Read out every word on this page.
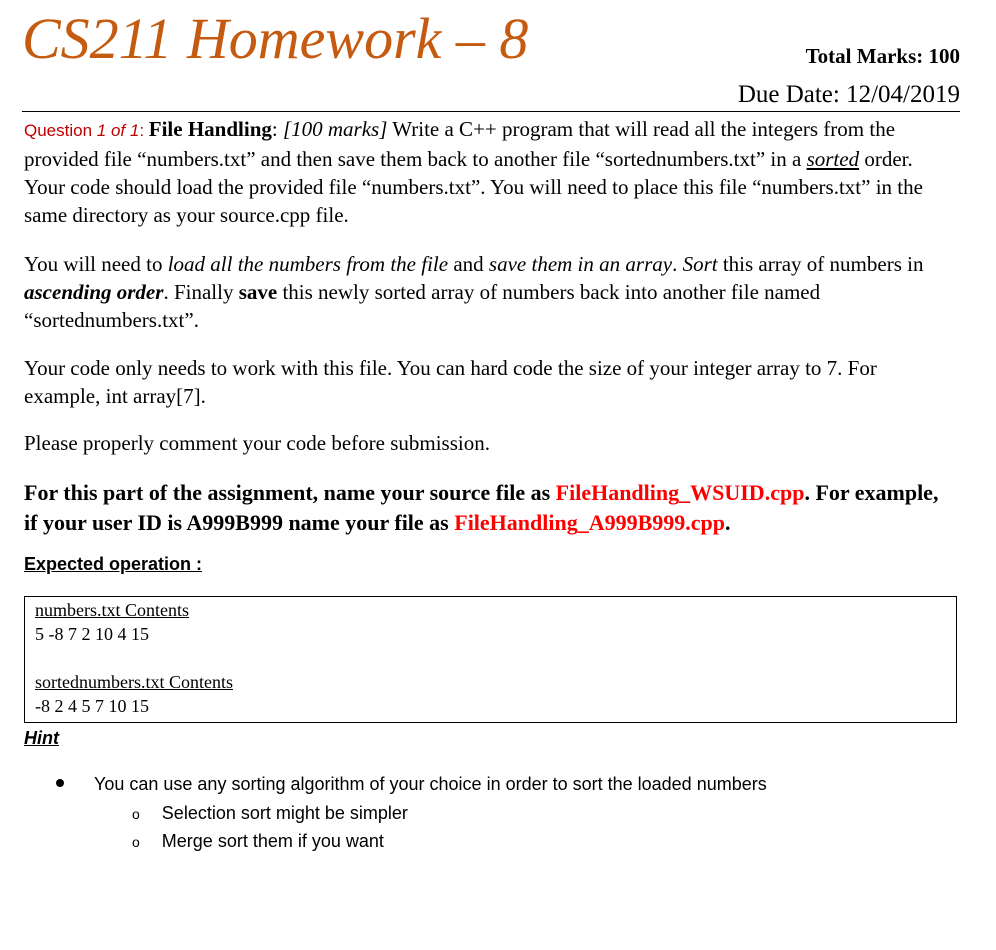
CS211 Homework – 8	Total Marks: 100
Due Date: 12/04/2019

Question 1 of 1: File Handling: [100 marks] Write a C++ program that will read all the integers from the provided file “numbers.txt” and then save them back to another file “sortednumbers.txt” in a sorted order. Your code should load the provided file “numbers.txt”. You will need to place this file “numbers.txt” in the same directory as your source.cpp file.

You will need to load all the numbers from the file and save them in an array. Sort this array of numbers in ascending order. Finally save this newly sorted array of numbers back into another file named “sortednumbers.txt”.

Your code only needs to work with this file. You can hard code the size of your integer array to 7. For example, int array[7].

Please properly comment your code before submission.

For this part of the assignment, name your source file as FileHandling_WSUID.cpp. For example, if your user ID is A999B999 name your file as FileHandling_A999B999.cpp.

Expected operation :
numbers.txt Contents
5 -8 7 2 10 4 15
sortednumbers.txt Contents
-8 2 4 5 7 10 15
Hint
You can use any sorting algorithm of your choice in order to sort the loaded numbers
o Selection sort might be simpler
o Merge sort them if you want
